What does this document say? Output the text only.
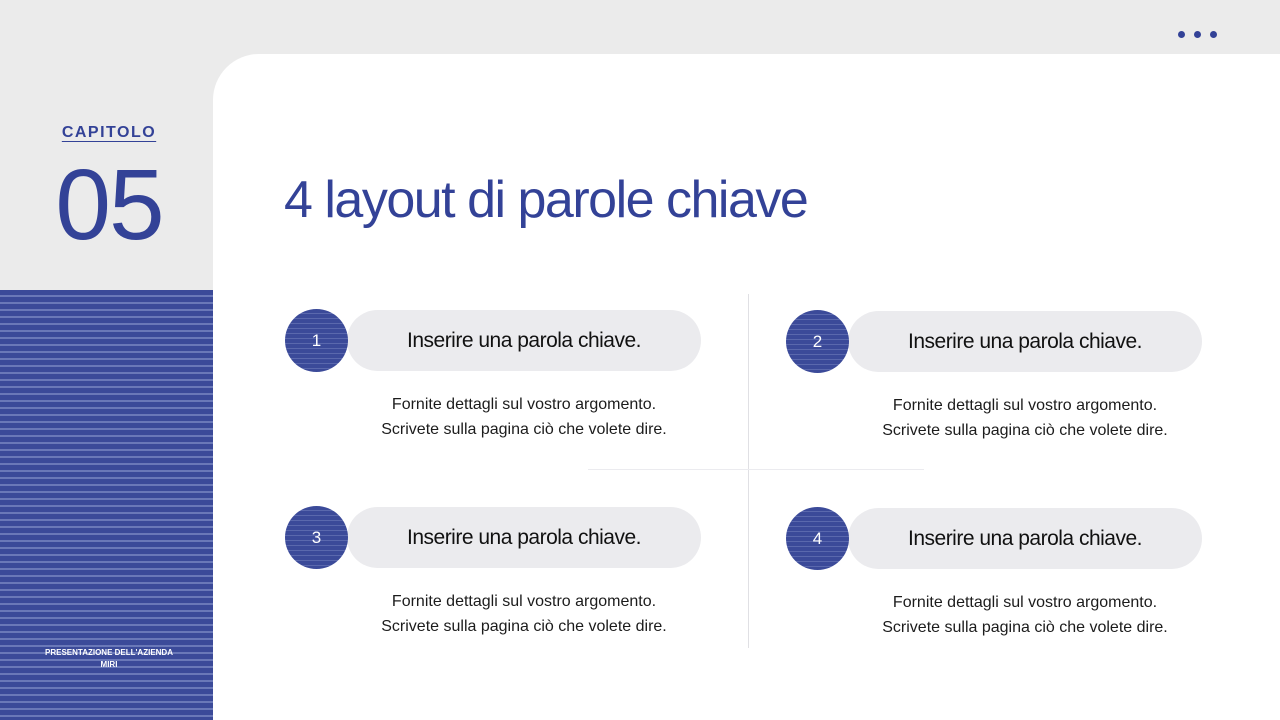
CAPITOLO
05
PRESENTAZIONE DELL'AZIENDA
MIRI
4 layout di parole chiave
Inserire una parola chiave.
1
Fornite dettagli sul vostro argomento.
Scrivete sulla pagina ciò che volete dire.
Inserire una parola chiave.
2
Fornite dettagli sul vostro argomento.
Scrivete sulla pagina ciò che volete dire.
Inserire una parola chiave.
3
Fornite dettagli sul vostro argomento.
Scrivete sulla pagina ciò che volete dire.
Inserire una parola chiave.
4
Fornite dettagli sul vostro argomento.
Scrivete sulla pagina ciò che volete dire.
